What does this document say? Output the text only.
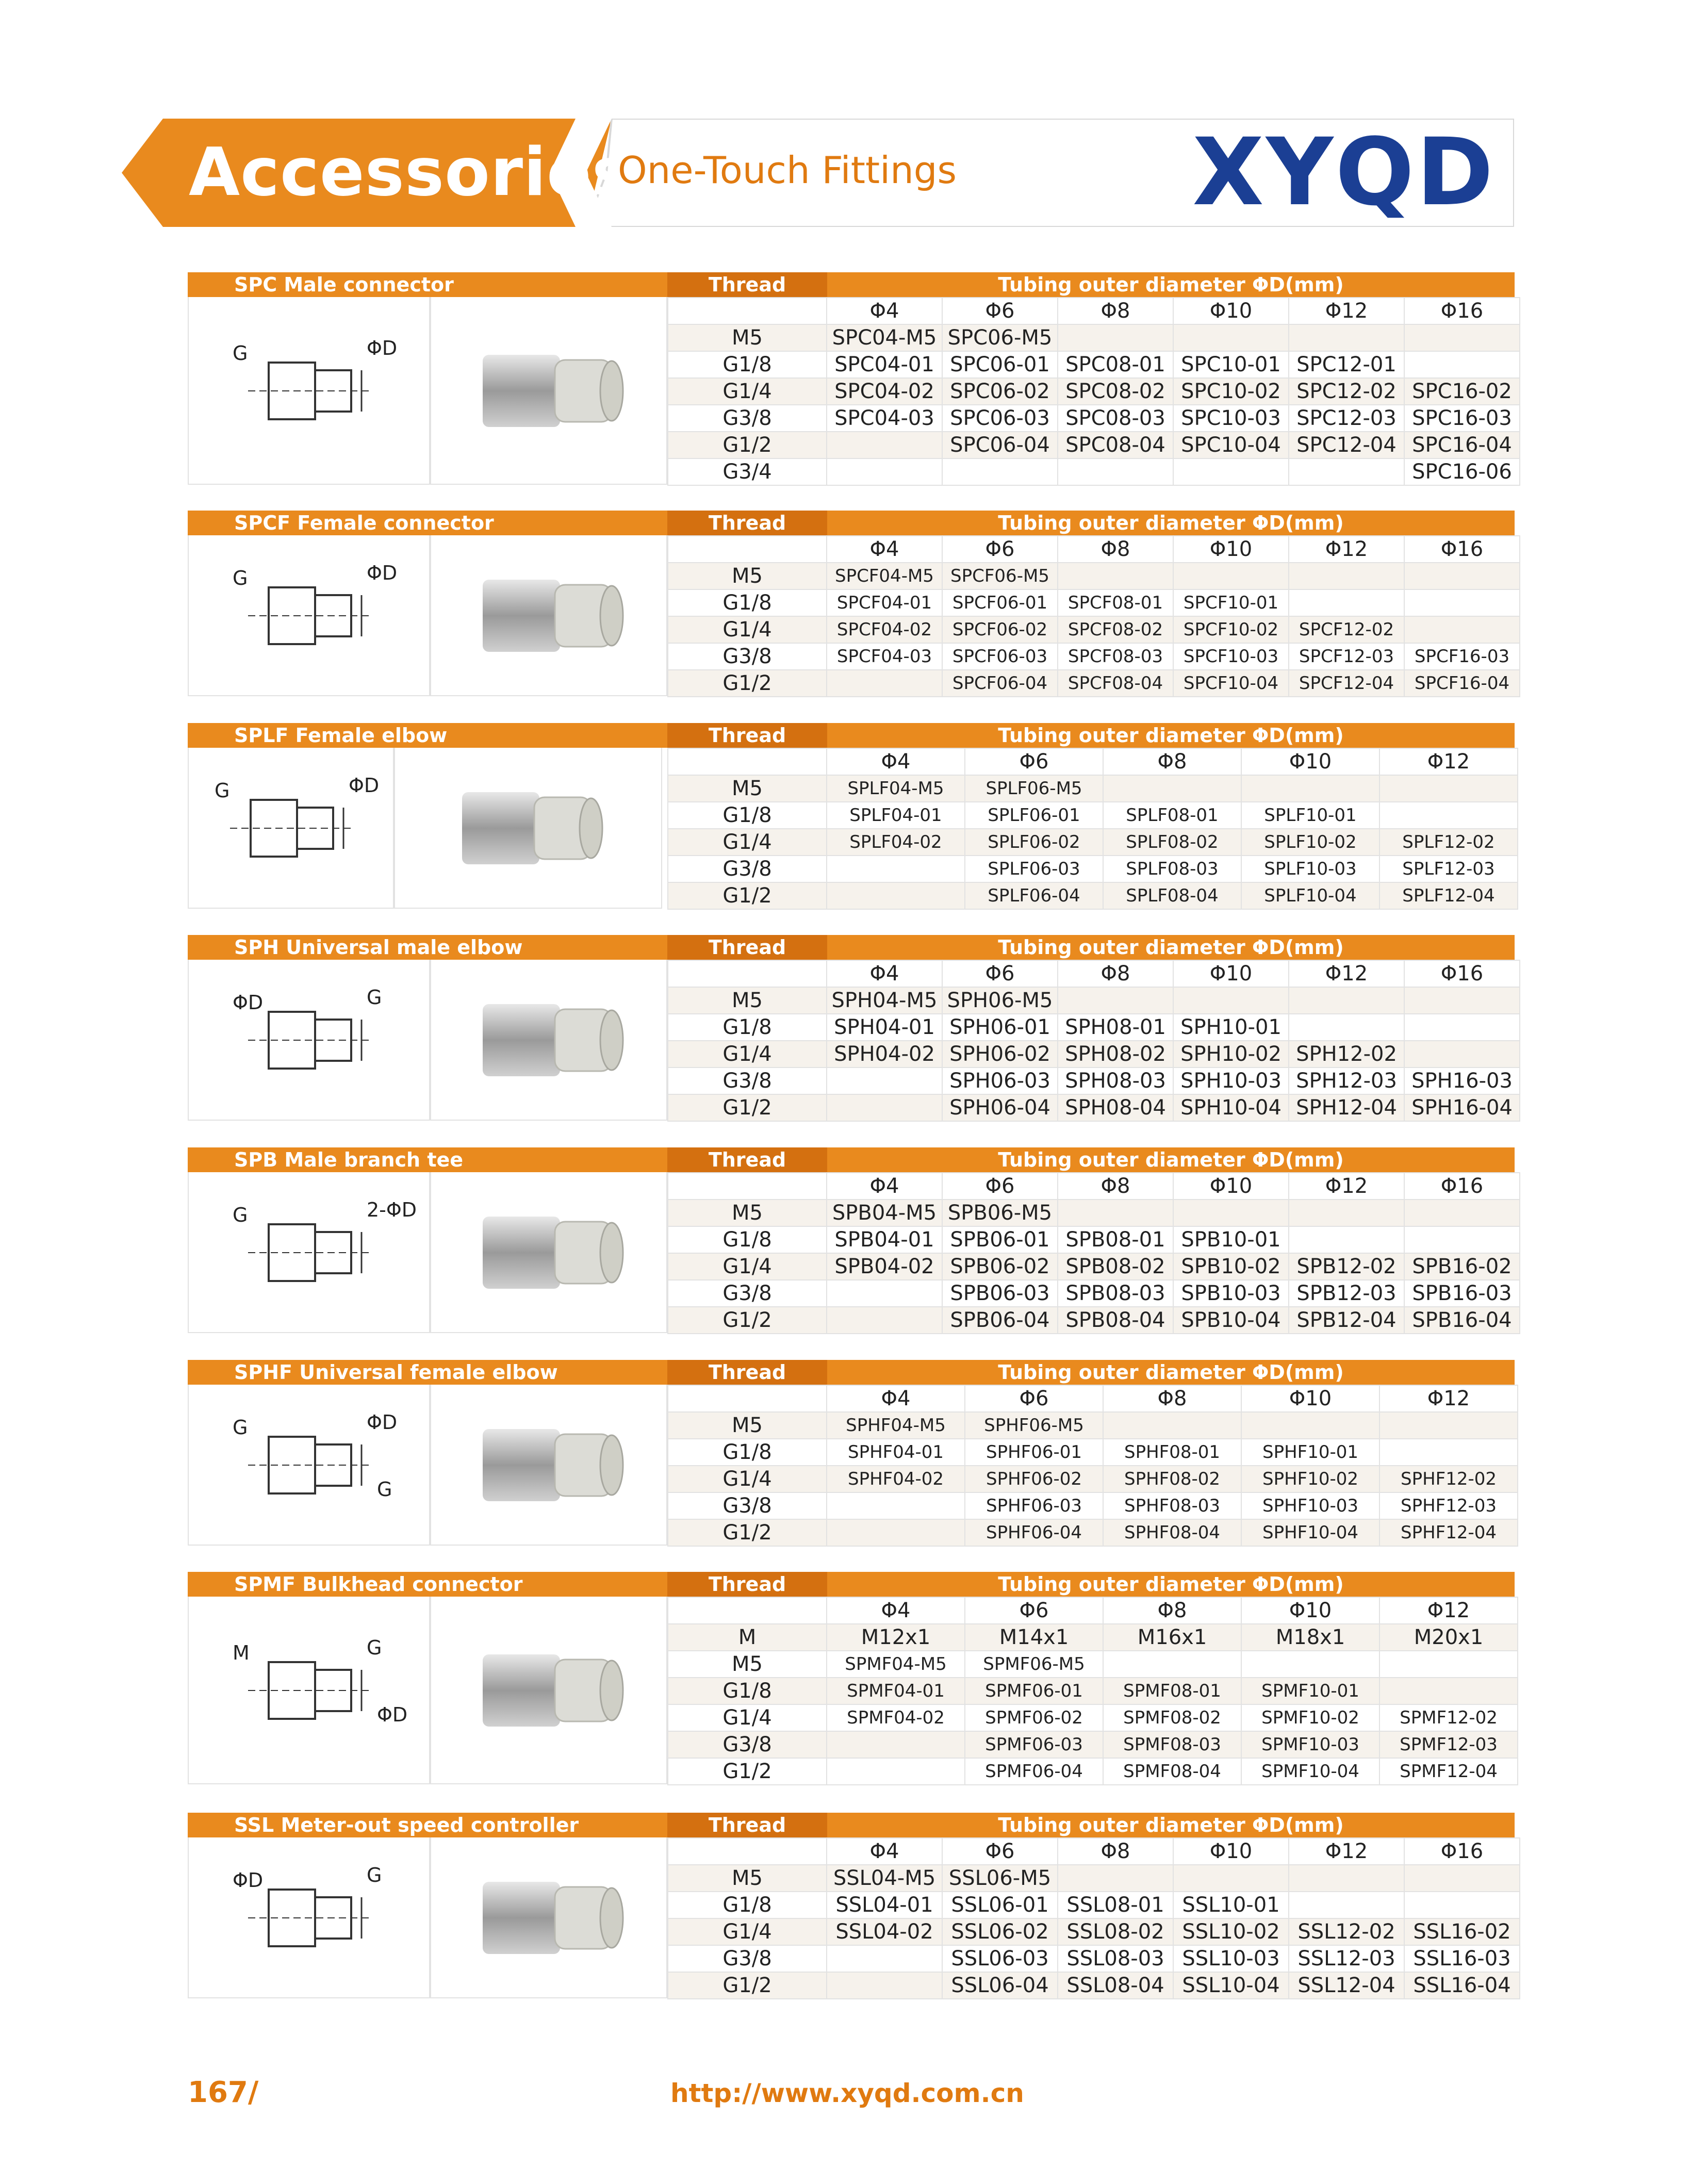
Accessories
One-Touch Fittings	XYQD
SPC Male connector	Thread	Tubing outer diameter ΦD(mm)
G	ΦD
	Φ4	Φ6	Φ8	Φ10	Φ12	Φ16
M5	SPC04-M5	SPC06-M5				
G1/8	SPC04-01	SPC06-01	SPC08-01	SPC10-01	SPC12-01	
G1/4	SPC04-02	SPC06-02	SPC08-02	SPC10-02	SPC12-02	SPC16-02
G3/8	SPC04-03	SPC06-03	SPC08-03	SPC10-03	SPC12-03	SPC16-03
G1/2		SPC06-04	SPC08-04	SPC10-04	SPC12-04	SPC16-04
G3/4						SPC16-06
SPCF Female connector	Thread	Tubing outer diameter ΦD(mm)
G	ΦD
	Φ4	Φ6	Φ8	Φ10	Φ12	Φ16
M5	SPCF04-M5	SPCF06-M5				
G1/8	SPCF04-01	SPCF06-01	SPCF08-01	SPCF10-01		
G1/4	SPCF04-02	SPCF06-02	SPCF08-02	SPCF10-02	SPCF12-02	
G3/8	SPCF04-03	SPCF06-03	SPCF08-03	SPCF10-03	SPCF12-03	SPCF16-03
G1/2		SPCF06-04	SPCF08-04	SPCF10-04	SPCF12-04	SPCF16-04
SPLF Female elbow	Thread	Tubing outer diameter ΦD(mm)
G	ΦD
	Φ4	Φ6	Φ8	Φ10	Φ12
M5	SPLF04-M5	SPLF06-M5			
G1/8	SPLF04-01	SPLF06-01	SPLF08-01	SPLF10-01	
G1/4	SPLF04-02	SPLF06-02	SPLF08-02	SPLF10-02	SPLF12-02
G3/8		SPLF06-03	SPLF08-03	SPLF10-03	SPLF12-03
G1/2		SPLF06-04	SPLF08-04	SPLF10-04	SPLF12-04
SPH Universal male elbow	Thread	Tubing outer diameter ΦD(mm)
ΦD	G
	Φ4	Φ6	Φ8	Φ10	Φ12	Φ16
M5	SPH04-M5	SPH06-M5				
G1/8	SPH04-01	SPH06-01	SPH08-01	SPH10-01		
G1/4	SPH04-02	SPH06-02	SPH08-02	SPH10-02	SPH12-02	
G3/8		SPH06-03	SPH08-03	SPH10-03	SPH12-03	SPH16-03
G1/2		SPH06-04	SPH08-04	SPH10-04	SPH12-04	SPH16-04
SPB Male branch tee	Thread	Tubing outer diameter ΦD(mm)
G	2-ΦD
	Φ4	Φ6	Φ8	Φ10	Φ12	Φ16
M5	SPB04-M5	SPB06-M5				
G1/8	SPB04-01	SPB06-01	SPB08-01	SPB10-01		
G1/4	SPB04-02	SPB06-02	SPB08-02	SPB10-02	SPB12-02	SPB16-02
G3/8		SPB06-03	SPB08-03	SPB10-03	SPB12-03	SPB16-03
G1/2		SPB06-04	SPB08-04	SPB10-04	SPB12-04	SPB16-04
SPHF Universal female elbow	Thread	Tubing outer diameter ΦD(mm)
G	ΦD
G
	Φ4	Φ6	Φ8	Φ10	Φ12
M5	SPHF04-M5	SPHF06-M5			
G1/8	SPHF04-01	SPHF06-01	SPHF08-01	SPHF10-01	
G1/4	SPHF04-02	SPHF06-02	SPHF08-02	SPHF10-02	SPHF12-02
G3/8		SPHF06-03	SPHF08-03	SPHF10-03	SPHF12-03
G1/2		SPHF06-04	SPHF08-04	SPHF10-04	SPHF12-04
SPMF Bulkhead connector	Thread	Tubing outer diameter ΦD(mm)
M	G
ΦD
	Φ4	Φ6	Φ8	Φ10	Φ12
M	M12x1	M14x1	M16x1	M18x1	M20x1
M5	SPMF04-M5	SPMF06-M5			
G1/8	SPMF04-01	SPMF06-01	SPMF08-01	SPMF10-01	
G1/4	SPMF04-02	SPMF06-02	SPMF08-02	SPMF10-02	SPMF12-02
G3/8		SPMF06-03	SPMF08-03	SPMF10-03	SPMF12-03
G1/2		SPMF06-04	SPMF08-04	SPMF10-04	SPMF12-04
SSL Meter-out speed controller	Thread	Tubing outer diameter ΦD(mm)
ΦD	G
	Φ4	Φ6	Φ8	Φ10	Φ12	Φ16
M5	SSL04-M5	SSL06-M5				
G1/8	SSL04-01	SSL06-01	SSL08-01	SSL10-01		
G1/4	SSL04-02	SSL06-02	SSL08-02	SSL10-02	SSL12-02	SSL16-02
G3/8		SSL06-03	SSL08-03	SSL10-03	SSL12-03	SSL16-03
G1/2		SSL06-04	SSL08-04	SSL10-04	SSL12-04	SSL16-04
167/	http://www.xyqd.com.cn
